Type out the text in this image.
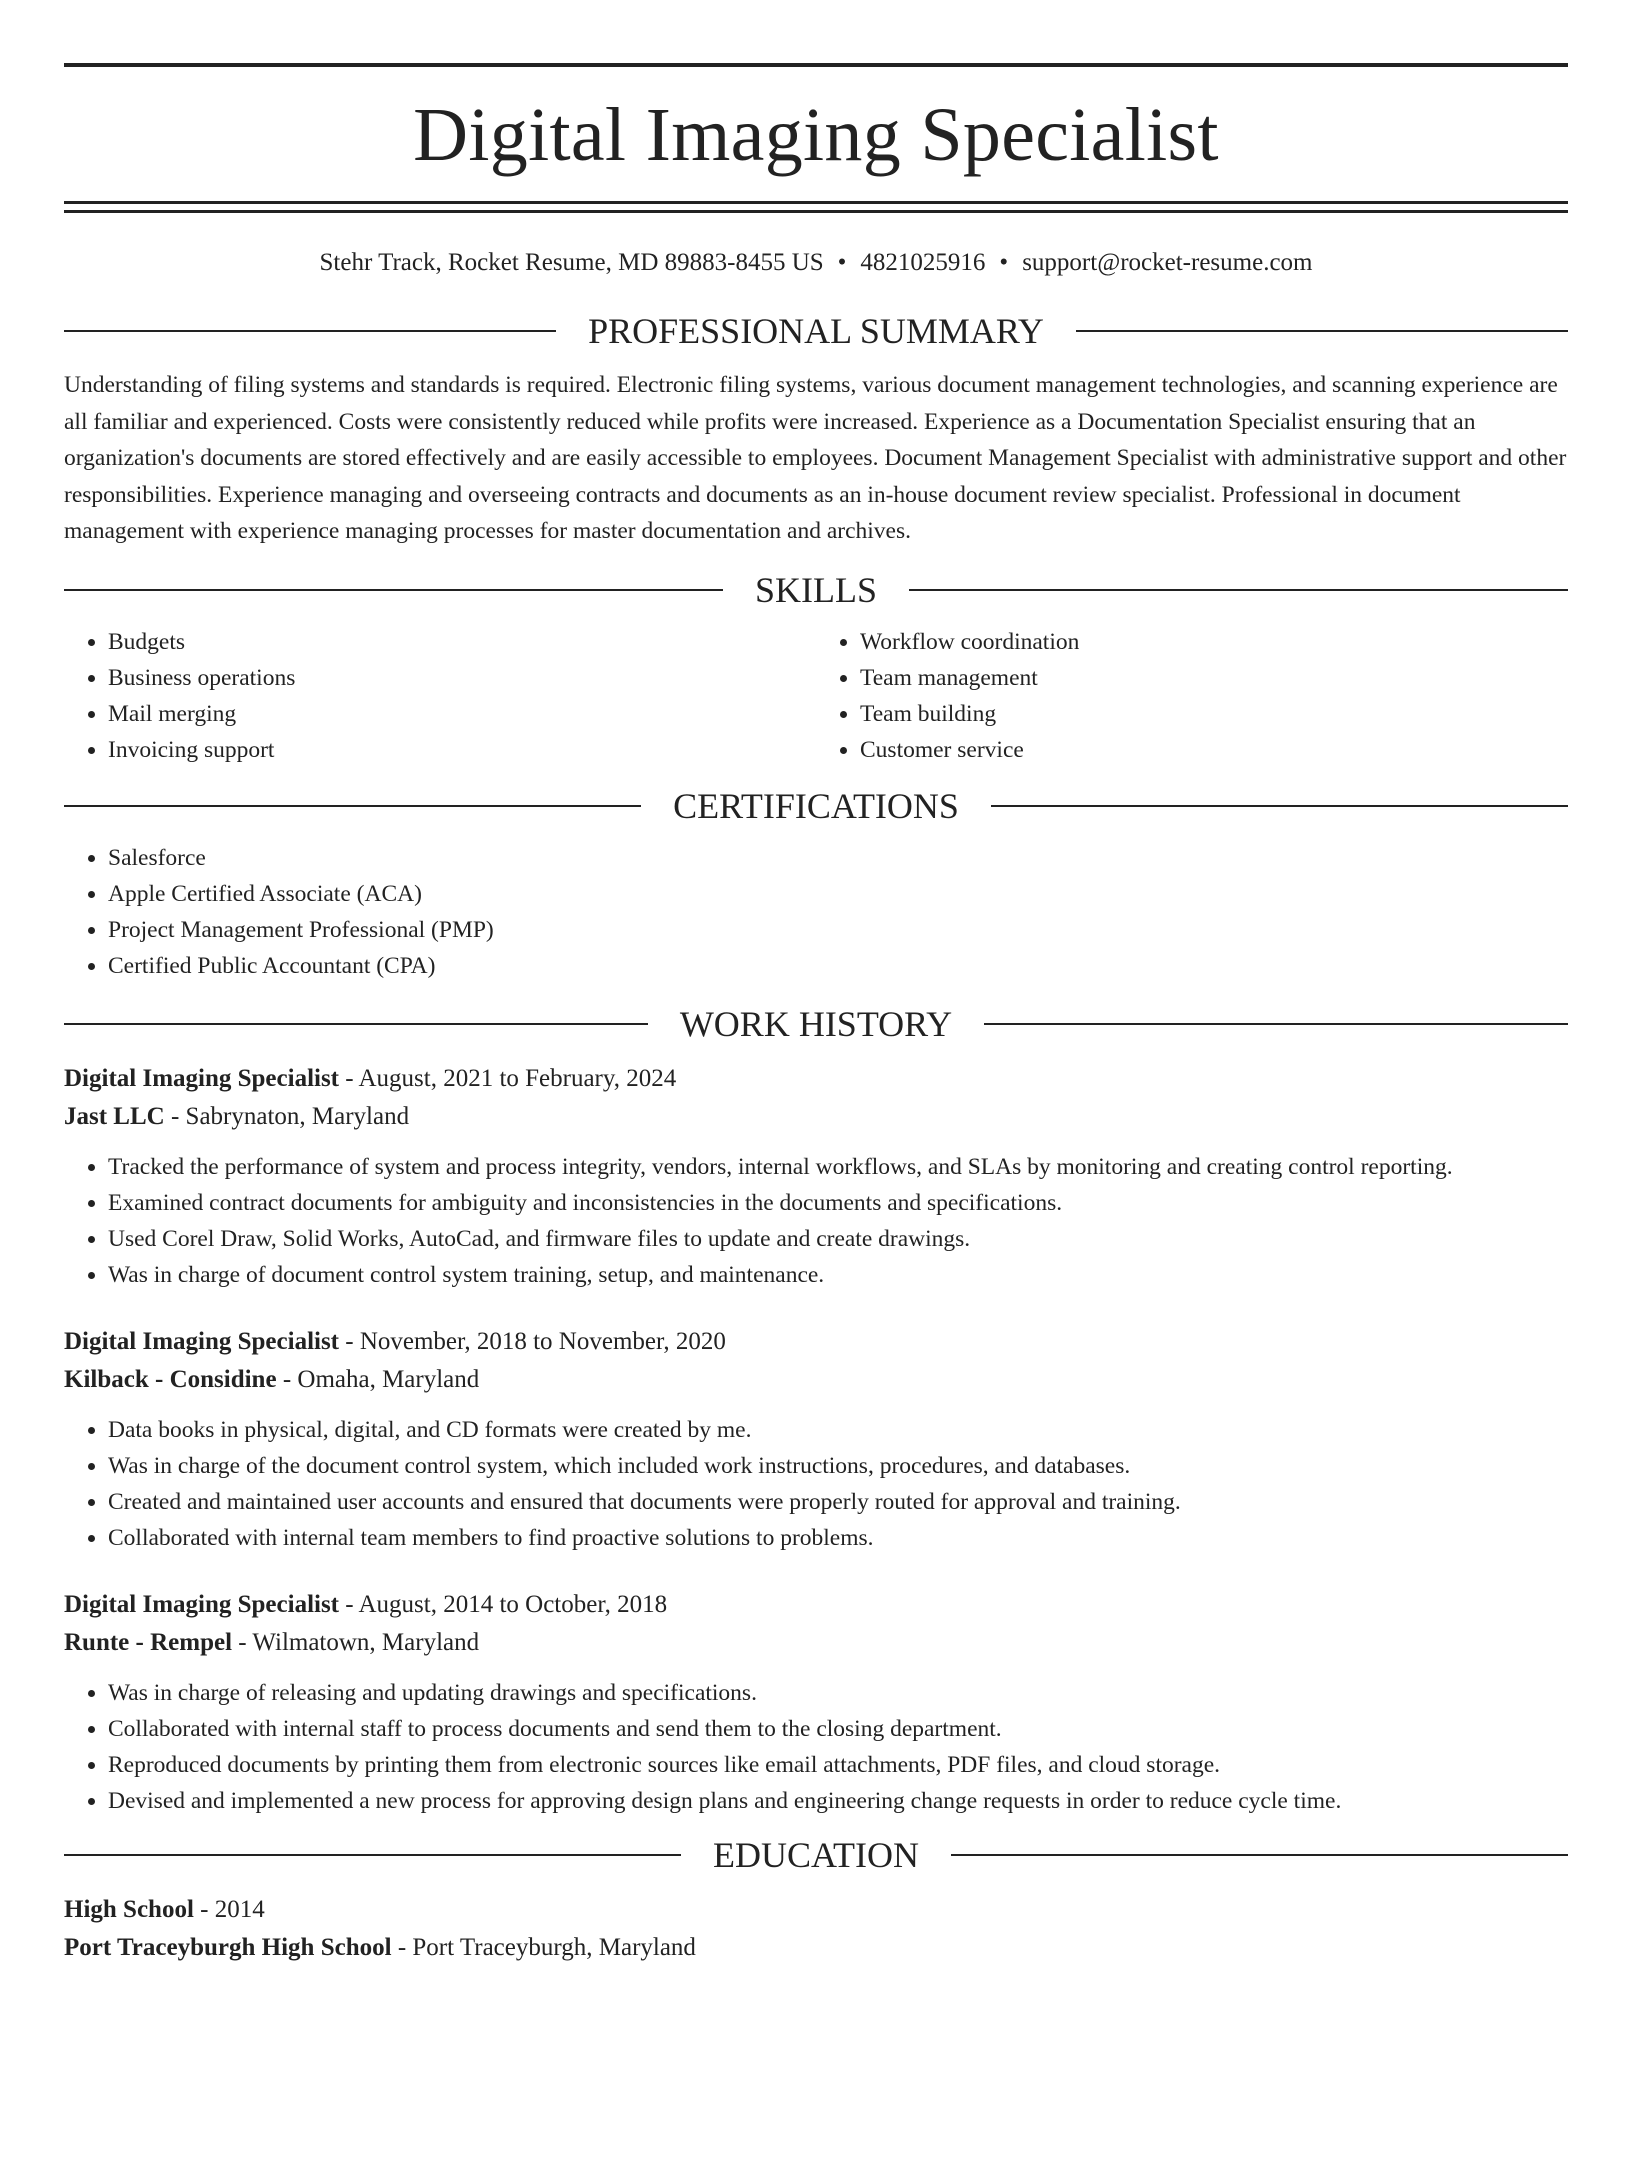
Digital Imaging Specialist
Stehr Track, Rocket Resume, MD 89883-8455 US • 4821025916 • support@rocket-resume.com
PROFESSIONAL SUMMARY

Understanding of filing systems and standards is required. Electronic filing systems, various document management technologies, and scanning experience are all familiar and experienced. Costs were consistently reduced while profits were increased. Experience as a Documentation Specialist ensuring that an organization's documents are stored effectively and are easily accessible to employees. Document Management Specialist with administrative support and other responsibilities. Experience managing and overseeing contracts and documents as an in-house document review specialist. Professional in document management with experience managing processes for master documentation and archives.

SKILLS
• Budgets
• Business operations
• Mail merging
• Invoicing support
• Workflow coordination
• Team management
• Team building
• Customer service
CERTIFICATIONS
• Salesforce
• Apple Certified Associate (ACA)
• Project Management Professional (PMP)
• Certified Public Accountant (CPA)
WORK HISTORY
Digital Imaging Specialist - August, 2021 to February, 2024
Jast LLC - Sabrynaton, Maryland
• Tracked the performance of system and process integrity, vendors, internal workflows, and SLAs by monitoring and creating control reporting.
• Examined contract documents for ambiguity and inconsistencies in the documents and specifications.
• Used Corel Draw, Solid Works, AutoCad, and firmware files to update and create drawings.
• Was in charge of document control system training, setup, and maintenance.
Digital Imaging Specialist - November, 2018 to November, 2020
Kilback - Considine - Omaha, Maryland
• Data books in physical, digital, and CD formats were created by me.
• Was in charge of the document control system, which included work instructions, procedures, and databases.
• Created and maintained user accounts and ensured that documents were properly routed for approval and training.
• Collaborated with internal team members to find proactive solutions to problems.
Digital Imaging Specialist - August, 2014 to October, 2018
Runte - Rempel - Wilmatown, Maryland
• Was in charge of releasing and updating drawings and specifications.
• Collaborated with internal staff to process documents and send them to the closing department.
• Reproduced documents by printing them from electronic sources like email attachments, PDF files, and cloud storage.
• Devised and implemented a new process for approving design plans and engineering change requests in order to reduce cycle time.
EDUCATION
High School - 2014
Port Traceyburgh High School - Port Traceyburgh, Maryland
